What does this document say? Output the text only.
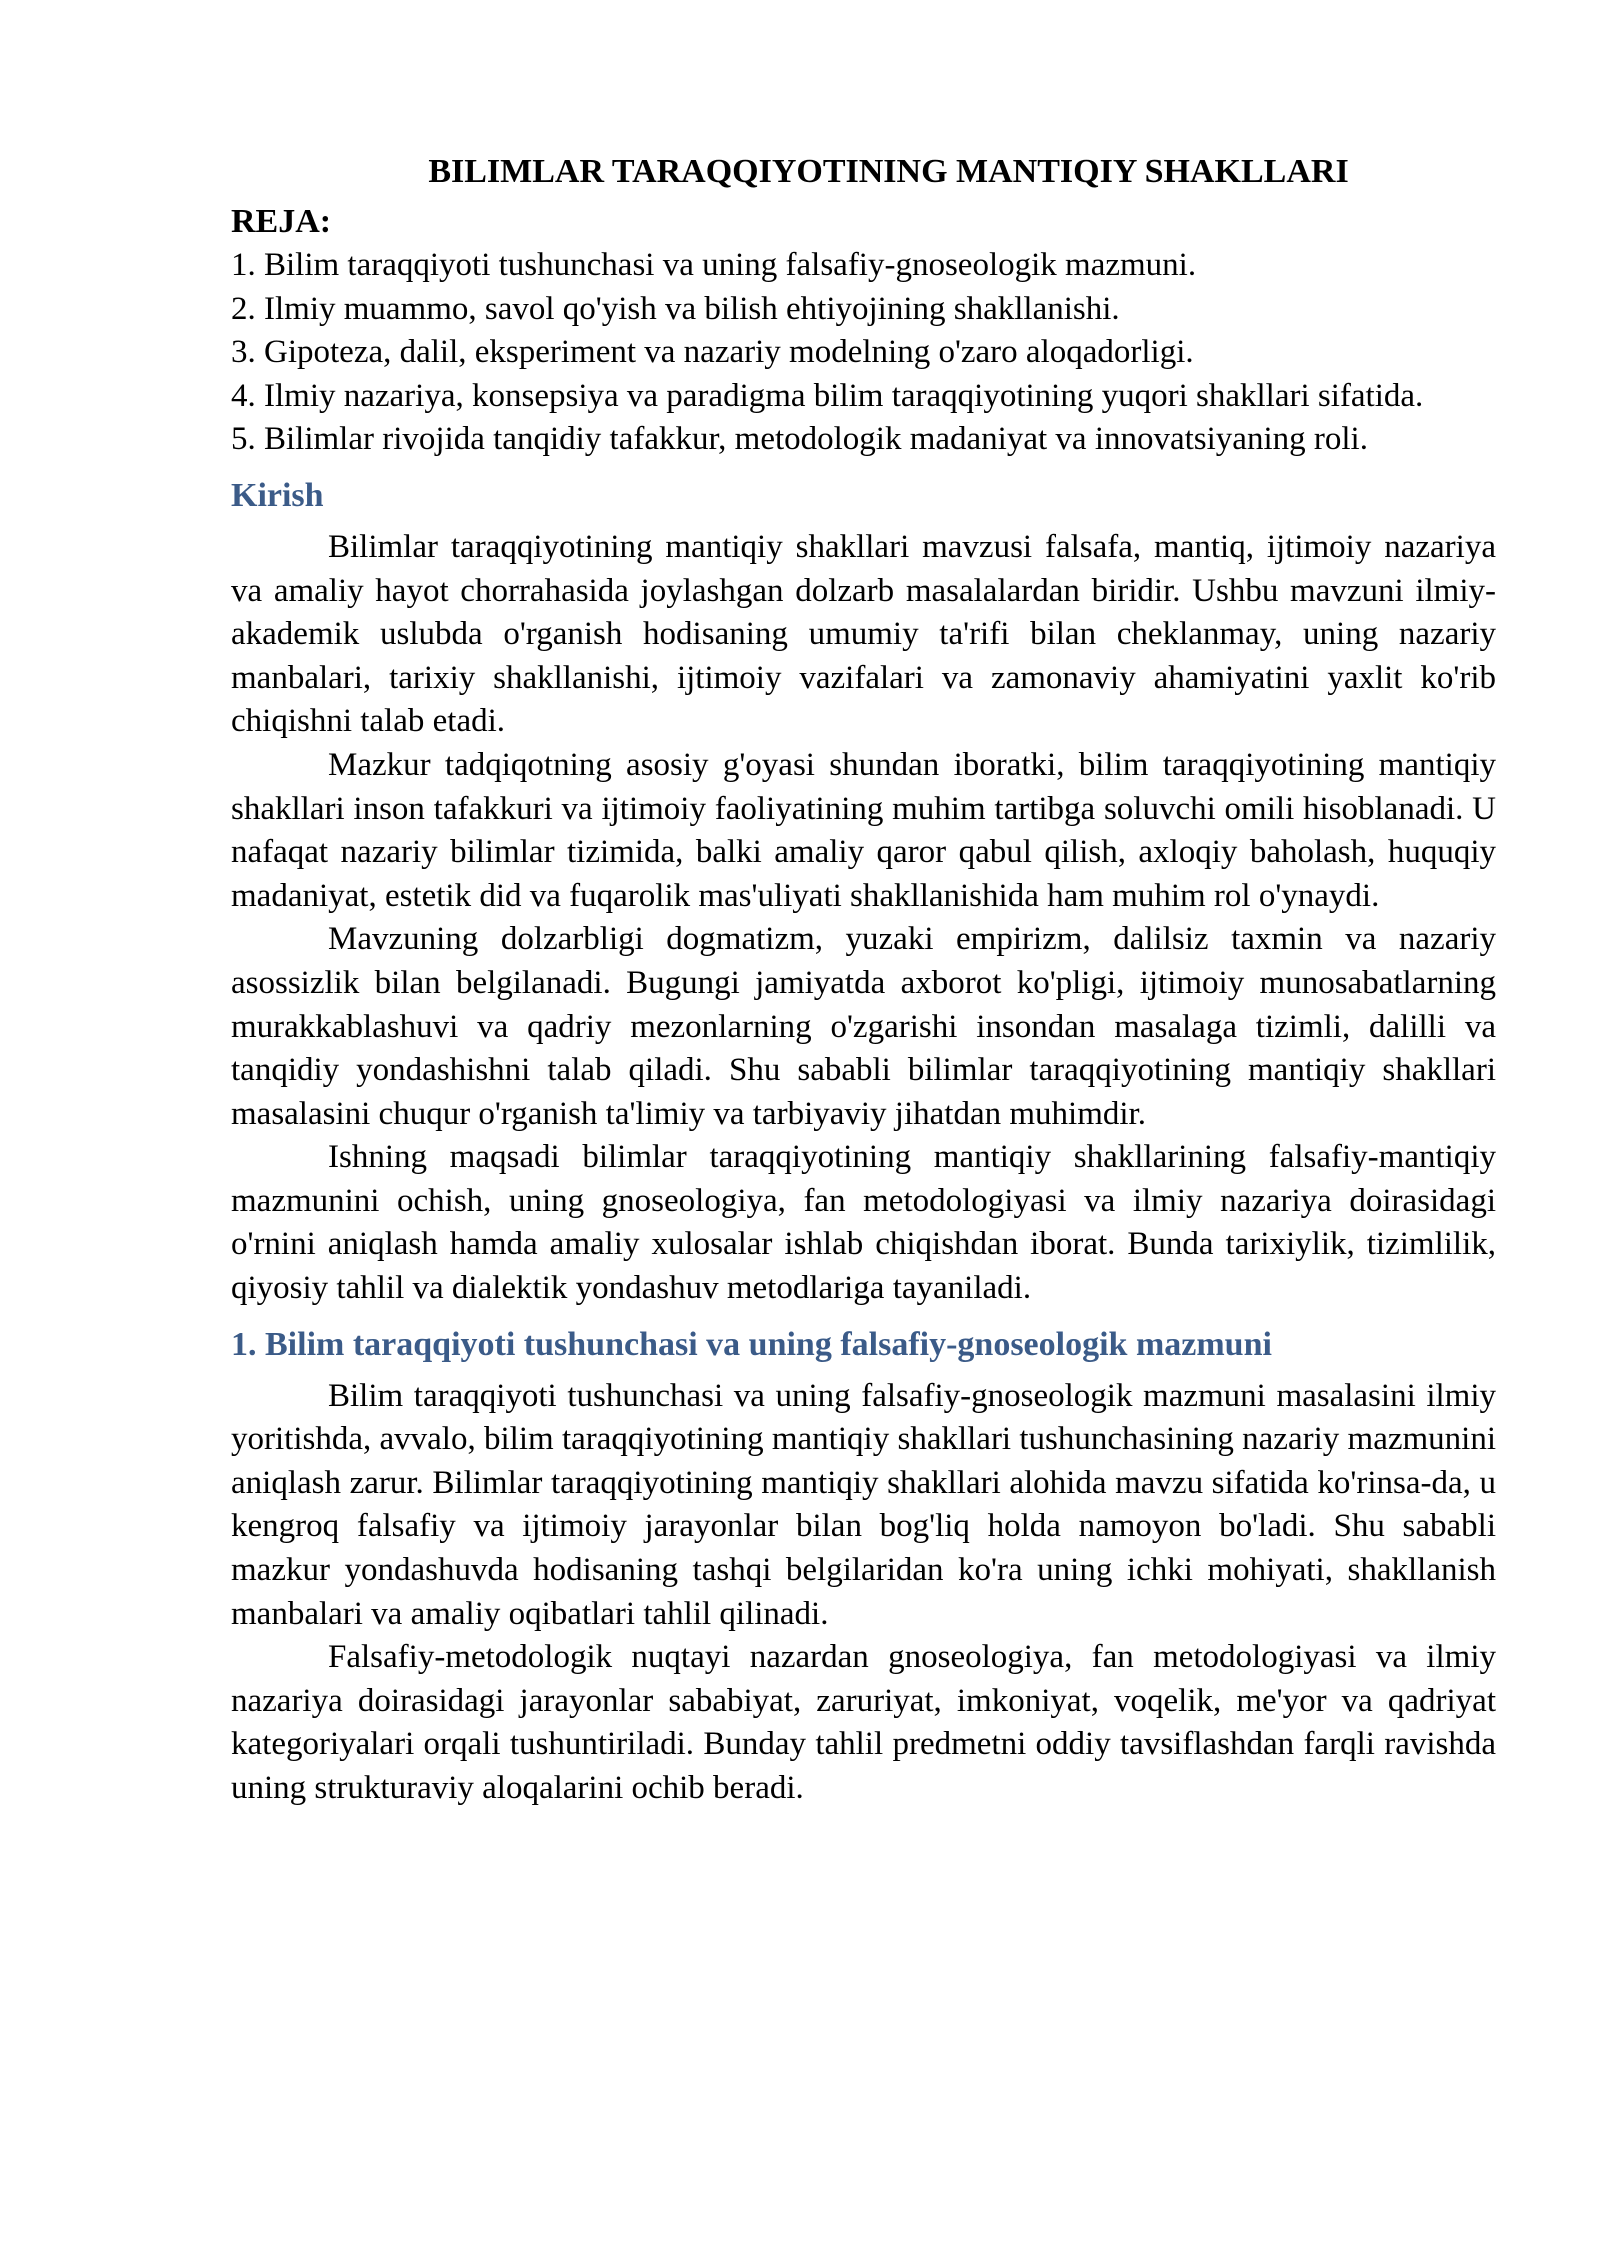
BILIMLAR TARAQQIYOTINING MANTIQIY SHAKLLARI

REJA:

1. Bilim taraqqiyoti tushunchasi va uning falsafiy-gnoseologik mazmuni.
2. Ilmiy muammo, savol qo'yish va bilish ehtiyojining shakllanishi.
3. Gipoteza, dalil, eksperiment va nazariy modelning o'zaro aloqadorligi.
4. Ilmiy nazariya, konsepsiya va paradigma bilim taraqqiyotining yuqori shakllari sifatida.
5. Bilimlar rivojida tanqidiy tafakkur, metodologik madaniyat va innovatsiyaning roli.
Kirish

Bilimlar taraqqiyotining mantiqiy shakllari mavzusi falsafa, mantiq, ijtimoiy nazariya va amaliy hayot chorrahasida joylashgan dolzarb masalalardan biridir. Ushbu mavzuni ilmiy-akademik uslubda o'rganish hodisaning umumiy ta'rifi bilan cheklanmay, uning nazariy manbalari, tarixiy shakllanishi, ijtimoiy vazifalari va zamonaviy ahamiyatini yaxlit ko'rib chiqishni talab etadi.

Mazkur tadqiqotning asosiy g'oyasi shundan iboratki, bilim taraqqiyotining mantiqiy shakllari inson tafakkuri va ijtimoiy faoliyatining muhim tartibga soluvchi omili hisoblanadi. U nafaqat nazariy bilimlar tizimida, balki amaliy qaror qabul qilish, axloqiy baholash, huquqiy madaniyat, estetik did va fuqarolik mas'uliyati shakllanishida ham muhim rol o'ynaydi.

Mavzuning dolzarbligi dogmatizm, yuzaki empirizm, dalilsiz taxmin va nazariy asossizlik bilan belgilanadi. Bugungi jamiyatda axborot ko'pligi, ijtimoiy munosabatlarning murakkablashuvi va qadriy mezonlarning o'zgarishi insondan masalaga tizimli, dalilli va tanqidiy yondashishni talab qiladi. Shu sababli bilimlar taraqqiyotining mantiqiy shakllari masalasini chuqur o'rganish ta'limiy va tarbiyaviy jihatdan muhimdir.

Ishning maqsadi bilimlar taraqqiyotining mantiqiy shakllarining falsafiy-mantiqiy mazmunini ochish, uning gnoseologiya, fan metodologiyasi va ilmiy nazariya doirasidagi o'rnini aniqlash hamda amaliy xulosalar ishlab chiqishdan iborat. Bunda tarixiylik, tizimlilik, qiyosiy tahlil va dialektik yondashuv metodlariga tayaniladi.

1. Bilim taraqqiyoti tushunchasi va uning falsafiy-gnoseologik mazmuni

Bilim taraqqiyoti tushunchasi va uning falsafiy-gnoseologik mazmuni masalasini ilmiy yoritishda, avvalo, bilim taraqqiyotining mantiqiy shakllari tushunchasining nazariy mazmunini aniqlash zarur. Bilimlar taraqqiyotining mantiqiy shakllari alohida mavzu sifatida ko'rinsa-da, u kengroq falsafiy va ijtimoiy jarayonlar bilan bog'liq holda namoyon bo'ladi. Shu sababli mazkur yondashuvda hodisaning tashqi belgilaridan ko'ra uning ichki mohiyati, shakllanish manbalari va amaliy oqibatlari tahlil qilinadi.

Falsafiy-metodologik nuqtayi nazardan gnoseologiya, fan metodologiyasi va ilmiy nazariya doirasidagi jarayonlar sababiyat, zaruriyat, imkoniyat, voqelik, me'yor va qadriyat kategoriyalari orqali tushuntiriladi. Bunday tahlil predmetni oddiy tavsiflashdan farqli ravishda uning strukturaviy aloqalarini ochib beradi.
